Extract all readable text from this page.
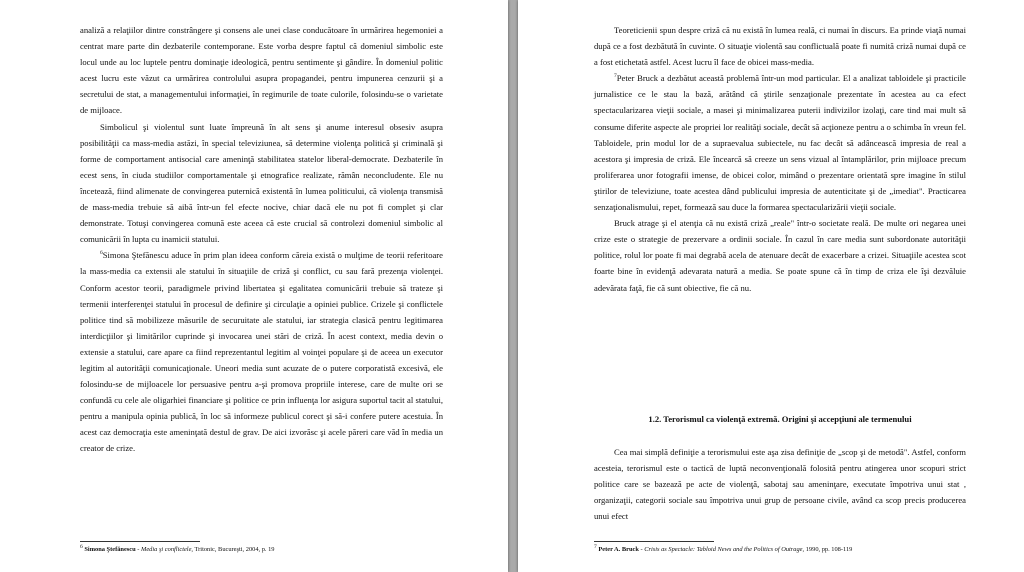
analiză a relaţiilor dintre constrângere şi consens ale unei clase conducătoare în urmărirea hegemoniei a centrat mare parte din dezbaterile contemporane. Este vorba despre faptul că domeniul simbolic este locul unde au loc luptele pentru dominaţie ideologică, pentru sentimente şi gândire. În domeniul politic acest lucru este văzut ca urmărirea controlului asupra propagandei, pentru impunerea cenzurii şi a secretului de stat, a managementului informaţiei, în regimurile de toate culorile, folosindu-se o varietate de mijloace.

Simbolicul şi violentul sunt luate împreună în alt sens şi anume interesul obsesiv asupra posibilităţii ca mass-media astăzi, în special televiziunea, să determine violenţa politică şi criminală şi forme de comportament antisocial care ameninţă stabilitatea statelor liberal-democrate. Dezbaterile în ecest sens, în ciuda studiilor comportamentale şi etnografice realizate, rămân neconcludente. Ele nu încetează, fiind alimenate de convingerea puternică existentă în lumea politicului, că violenţa transmisă de mass-media trebuie să aibă într-un fel efecte nocive, chiar dacă ele nu pot fi complet şi clar demonstrate. Totuşi convingerea comună este aceea că este crucial să controlezi domeniul simbolic al comunicării în lupta cu inamicii statului.

$^6$Simona Ştefănescu aduce în prim plan ideea conform căreia există o mulţime de teorii referitoare la mass-media ca extensii ale statului în situaţiile de criză şi conflict, cu sau fară prezenţa violenţei. Conform acestor teorii, paradigmele privind libertatea şi egalitatea comunicării trebuie să trateze şi termenii interferenţei statului în procesul de definire şi circulaţie a opiniei publice. Crizele şi conflictele politice tind să mobilizeze măsurile de securuitate ale statului, iar strategia clasică pentru legitimarea interdicţiilor şi limitărilor cuprinde şi invocarea unei stări de criză. În acest context, media devin o extensie a statului, care apare ca fiind reprezentantul legitim al voinţei populare şi de aceea un executor legitim al autorităţii comunicaţionale. Uneori media sunt acuzate de o putere corporatistă excesivă, ele folosindu-se de mijloacele lor persuasive pentru a-şi promova propriile interese, care de multe ori se confundă cu cele ale oligarhiei financiare şi politice ce prin influenţa lor asigura suportul tacit al statului, pentru a manipula opinia publică, în loc să informeze publicul corect şi să-i confere putere acestuia. În acest caz democraţia este ameninţată destul de grav. De aici izvorăsc şi acele păreri care văd în media un creator de crize.

6 Simona Ştefănescu - Media şi conflictele, Tritonic, Bucureşti, 2004, p. 19

Teoreticienii spun despre criză că nu există în lumea reală, ci numai în discurs. Ea prinde viaţă numai după ce a fost dezbătută în cuvinte. O situaţie violentă sau conflictuală poate fi numită criză numai după ce a fost etichetată astfel. Acest lucru îl face de obicei mass-media.

$^7$Peter Bruck a dezbătut această problemă într-un mod particular. El a analizat tabloidele şi practicile jurnalistice ce le stau la bază, arătând că ştirile senzaţionale prezentate în acestea au ca efect spectacularizarea vieţii sociale, a masei şi minimalizarea puterii indivizilor izolaţi, care tind mai mult să consume diferite aspecte ale propriei lor realităţi sociale, decât să acţioneze pentru a o schimba în vreun fel. Tabloidele, prin modul lor de a supraevalua subiectele, nu fac decât să adâncească impresia de real a acestora şi impresia de criză. Ele încearcă să creeze un sens vizual al întamplărilor, prin mijloace precum proliferarea unor fotografii imense, de obicei color, mimând o prezentare orientată spre imagine în stilul ştirilor de televiziune, toate acestea dând publicului impresia de autenticitate şi de „imediat". Practicarea senzaţionalismului, repet, formează sau duce la formarea spectacularizării vieţii sociale.

Bruck atrage şi el atenţia că nu există criză „reale" într-o societate reală. De multe ori negarea unei crize este o strategie de prezervare a ordinii sociale. În cazul în care media sunt subordonate autorităţii politice, rolul lor poate fi mai degrabă acela de atenuare decât de exacerbare a crizei. Situaţiile acestea scot foarte bine în evidenţă adevarata natură a media. Se poate spune că în timp de criza ele îşi dezvăluie adevărata faţă, fie că sunt obiective, fie că nu.

1.2. Terorismul ca violenţă extremă. Origini şi accepţiuni ale termenului

Cea mai simplă definiţie a terorismului este aşa zisa definiţie de „scop şi de metodă". Astfel, conform acesteia, terorismul este o tactică de luptă neconvenţională folosită pentru atingerea unor scopuri strict politice care se bazează pe acte de violenţă, sabotaj sau ameninţare, executate împotriva unui stat , organizaţii, categorii sociale sau împotriva unui grup de persoane civile, având ca scop precis producerea unui efect

7 Peter A. Bruck - Crisis as Spectacle: Tabloid News and the Politics of Outrage, 1990, pp. 108-119
